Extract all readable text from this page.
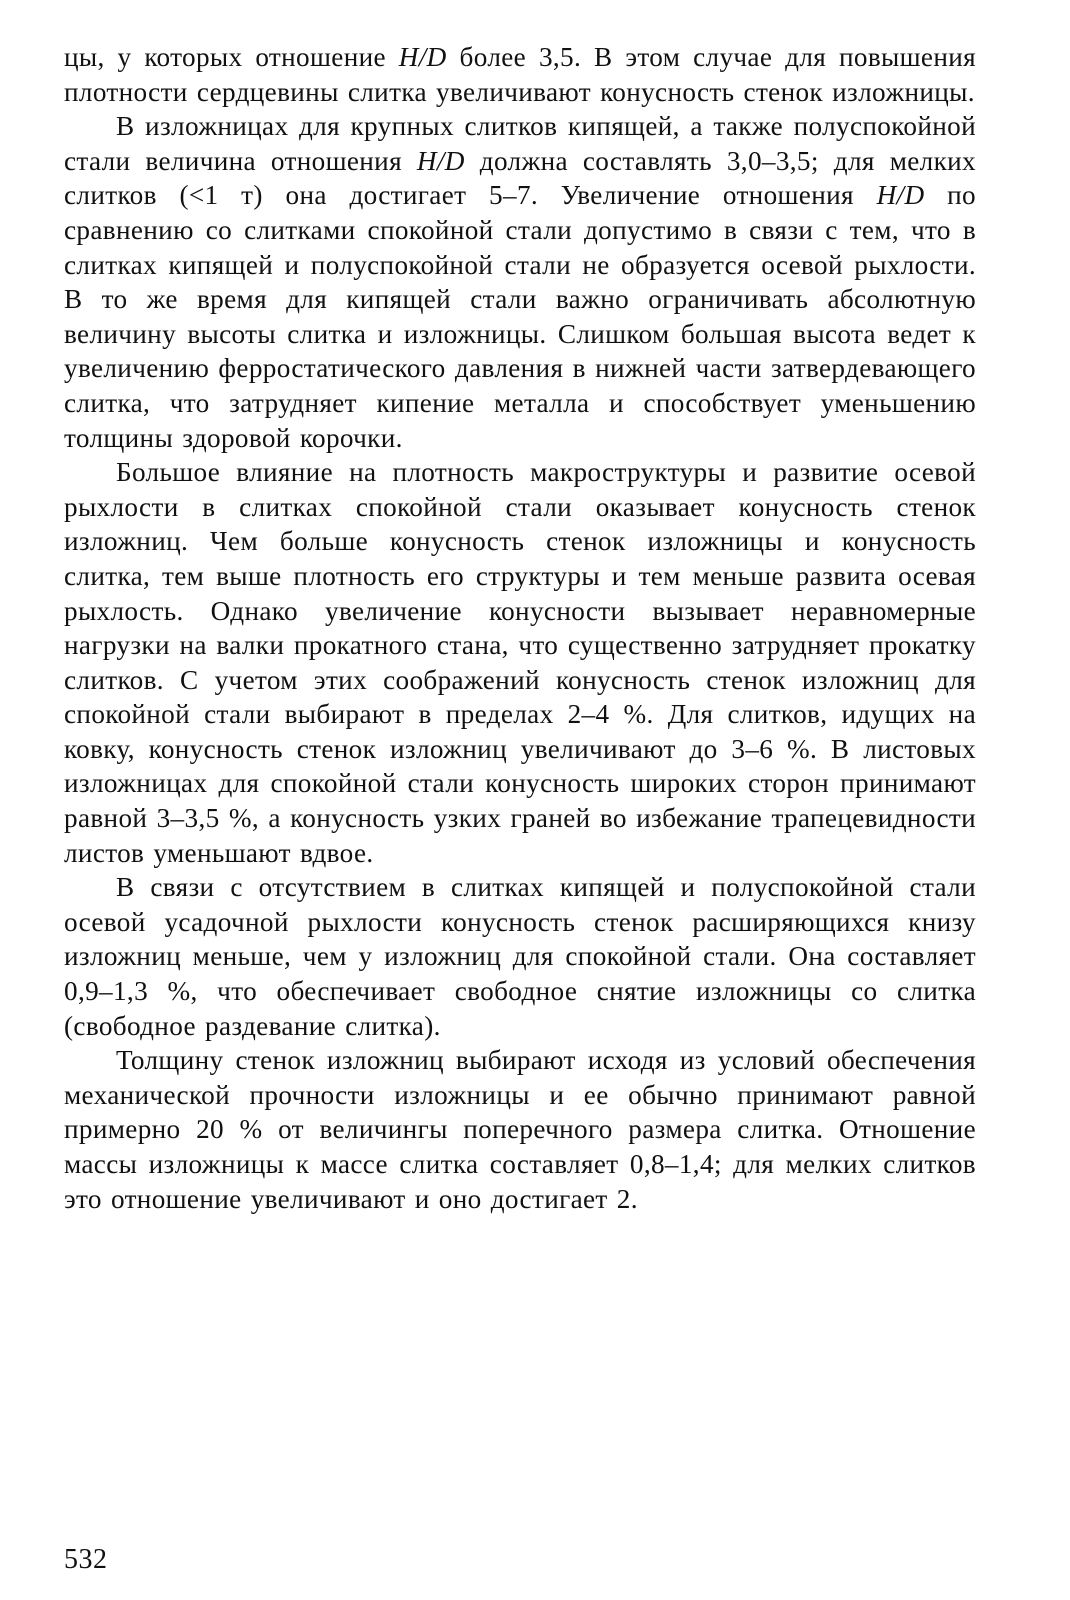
цы, у которых отношение H/D более 3,5. В этом случае для повышения плотности сердцевины слитка увеличивают конусность стенок изложницы.

В изложницах для крупных слитков кипящей, а также полуспокойной стали величина отношения H/D должна составлять 3,0–3,5; для мелких слитков (<1 т) она достигает 5–7. Увеличение отношения H/D по сравнению со слитками спокойной стали допустимо в связи с тем, что в слитках кипящей и полуспокойной стали не образуется осевой рыхлости. В то же время для кипящей стали важно ограничивать абсолютную величину высоты слитка и изложницы. Слишком большая высота ведет к увеличению ферростатического давления в нижней части затвердевающего слитка, что затрудняет кипение металла и способствует уменьшению толщины здоровой корочки.

Большое влияние на плотность макроструктуры и развитие осевой рыхлости в слитках спокойной стали оказывает конусность стенок изложниц. Чем больше конусность стенок изложницы и конусность слитка, тем выше плотность его структуры и тем меньше развита осевая рыхлость. Однако увеличение конусности вызывает неравномерные нагрузки на валки прокатного стана, что существенно затрудняет прокатку слитков. С учетом этих соображений конусность стенок изложниц для спокойной стали выбирают в пределах 2–4 %. Для слитков, идущих на ковку, конусность стенок изложниц увеличивают до 3–6 %. В листовых изложницах для спокойной стали конусность широких сторон принимают равной 3–3,5 %, а конусность узких граней во избежание трапецевидности листов уменьшают вдвое.

В связи с отсутствием в слитках кипящей и полуспокойной стали осевой усадочной рыхлости конусность стенок расширяющихся книзу изложниц меньше, чем у изложниц для спокойной стали. Она составляет 0,9–1,3 %, что обеспечивает свободное снятие изложницы со слитка (свободное раздевание слитка).

Толщину стенок изложниц выбирают исходя из условий обеспечения механической прочности изложницы и ее обычно принимают равной примерно 20 % от величингы поперечного размера слитка. Отношение массы изложницы к массе слитка составляет 0,8–1,4; для мелких слитков это отношение увеличивают и оно достигает 2.

532
